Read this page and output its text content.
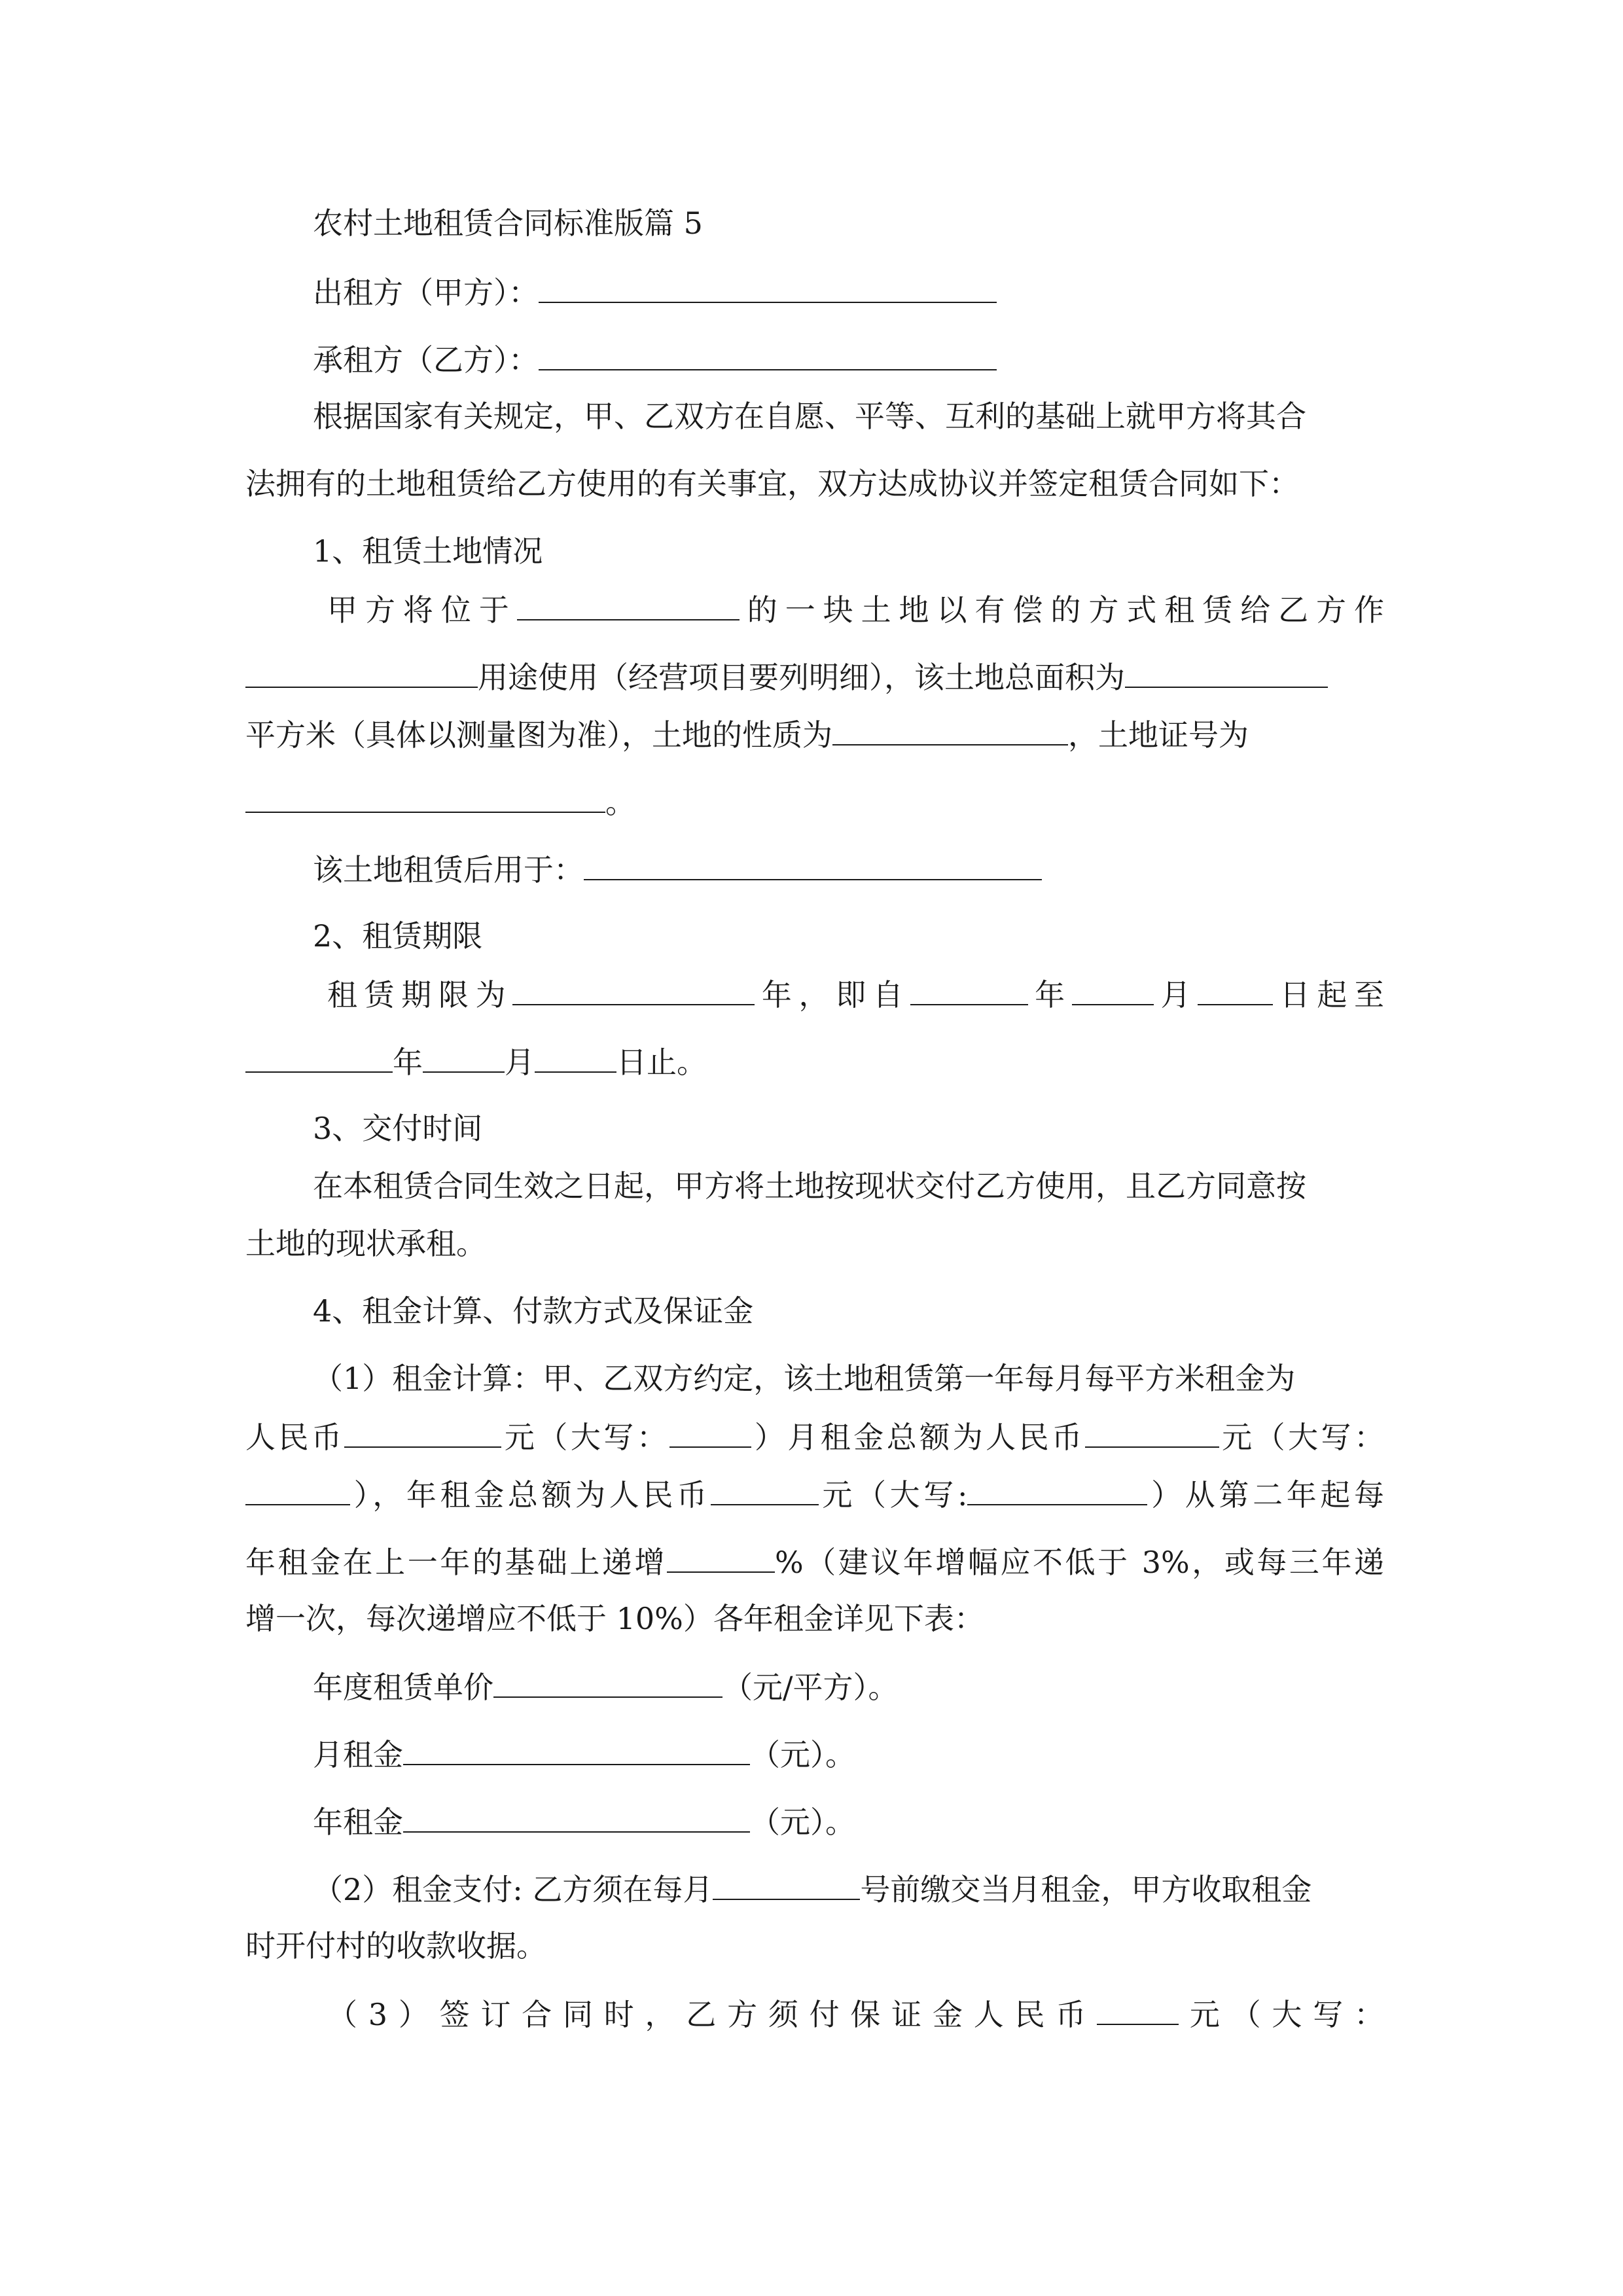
农村土地租赁合同标准版篇 5
出租方（甲方）：
承租方（乙方）：
根据国家有关规定，甲、乙双方在自愿、平等、互利的基础上就甲方将其合
法拥有的土地租赁给乙方使用的有关事宜，双方达成协议并签定租赁合同如下：
1、租赁土地情况
甲方将位于	的一块土地以有偿的方式租赁给乙方作
用途使用（经营项目要列明细），该土地总面积为
平方米（具体以测量图为准），土地的性质为	，土地证号为
。
该土地租赁后用于：
2、租赁期限
租赁期限为	年，即自	年	月	日起至
年	月	日止。
3、交付时间
在本租赁合同生效之日起，甲方将土地按现状交付乙方使用，且乙方同意按
土地的现状承租。
4、租金计算、付款方式及保证金
（1）租金计算：甲、乙双方约定，该土地租赁第一年每月每平方米租金为
人民币	元（大写：	）月租金总额为人民币	元（大写：
），年租金总额为人民币	元（大写:	）从第二年起每
年租金在上一年的基础上递增	%（建议年增幅应不低于 3%，或每三年递
增一次，每次递增应不低于 10%）各年租金详见下表：
年度租赁单价	（元/平方）。
月租金	（元）。
年租金	（元）。
（2）租金支付: 乙方须在每月	号前缴交当月租金，甲方收取租金
时开付村的收款收据。
（3）签订合同时，乙方须付保证金人民币	元（大写：
